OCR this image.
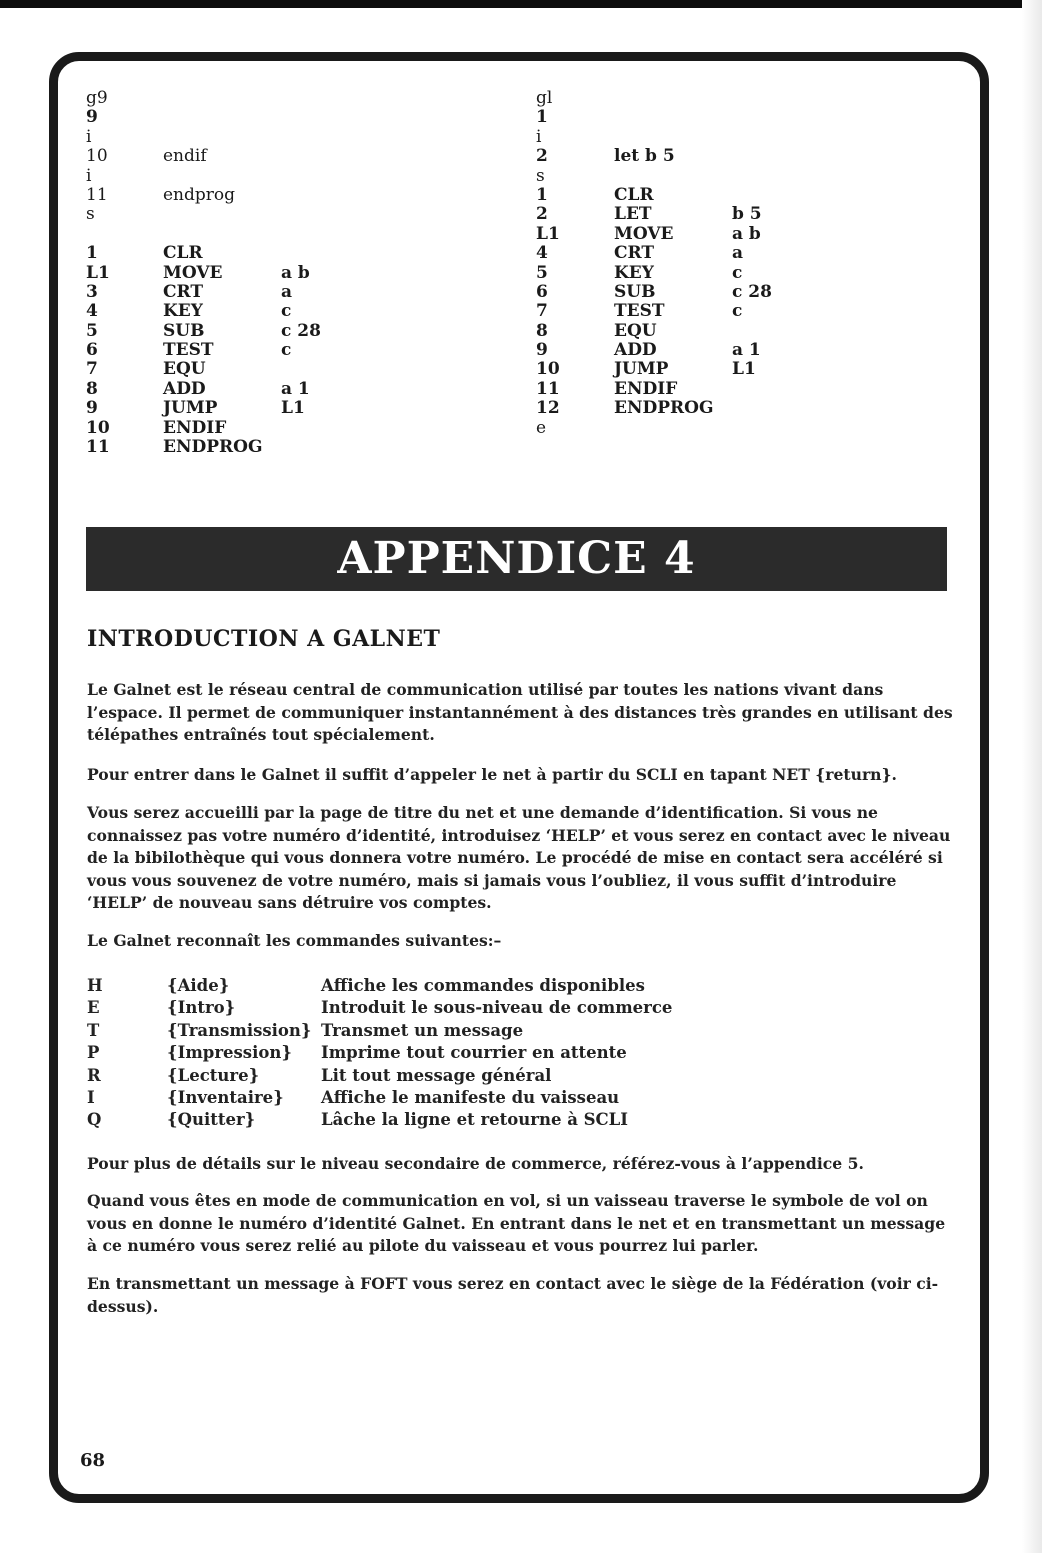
g9
9
i
10	endif
i
11	endprog
s
1	CLR
L1	MOVE	a b
3	CRT	a
4	KEY	c
5	SUB	c 28
6	TEST	c
7	EQU
8	ADD	a 1
9	JUMP	L1
10	ENDIF
11	ENDPROG
gl
1
i
2	let b 5
s
1	CLR
2	LET	b 5
L1	MOVE	a b
4	CRT	a
5	KEY	c
6	SUB	c 28
7	TEST	c
8	EQU
9	ADD	a 1
10	JUMP	L1
11	ENDIF
12	ENDPROG
e
APPENDICE 4
INTRODUCTION A GALNET
Le Galnet est le réseau central de communication utilisé par toutes les nations vivant dans l’espace. Il permet de communiquer instantannément à des distances très grandes en utilisant des télépathes entraînés tout spécialement.
Pour entrer dans le Galnet il suffit d’appeler le net à partir du SCLI en tapant NET {return}.
Vous serez accueilli par la page de titre du net et une demande d’identification. Si vous ne connaissez pas votre numéro d’identité, introduisez ‘HELP’ et vous serez en contact avec le niveau de la bibilothèque qui vous donnera votre numéro. Le procédé de mise en contact sera accéléré si vous vous souvenez de votre numéro, mais si jamais vous l’oubliez, il vous suffit d’introduire ‘HELP’ de nouveau sans détruire vos comptes.
Le Galnet reconnaît les commandes suivantes:–
H	{Aide}	Affiche les commandes disponibles
E	{Intro}	Introduit le sous-niveau de commerce
T	{Transmission} Transmet un message
P	{Impression} Imprime tout courrier en attente
R	{Lecture}	Lit tout message général
I	{Inventaire} Affiche le manifeste du vaisseau
Q	{Quitter}	Lâche la ligne et retourne à SCLI
Pour plus de détails sur le niveau secondaire de commerce, référez-vous à l’appendice 5.
Quand vous êtes en mode de communication en vol, si un vaisseau traverse le symbole de vol on vous en donne le numéro d’identité Galnet. En entrant dans le net et en transmettant un message à ce numéro vous serez relié au pilote du vaisseau et vous pourrez lui parler.
En transmettant un message à FOFT vous serez en contact avec le siège de la Fédération (voir ci-dessus).
68
